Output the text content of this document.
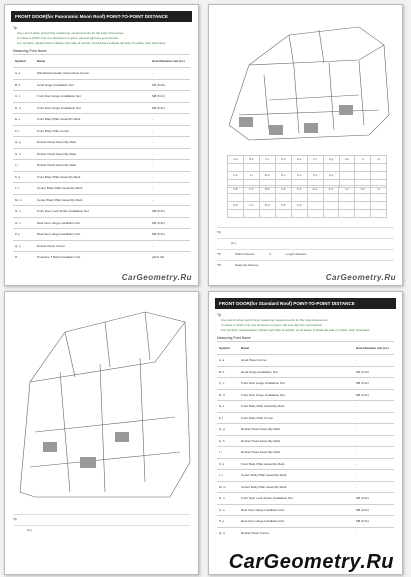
FRONT DOOR(for Panoramic Moon Roof) POINT-TO-POINT DISTANCE
Tip
Use point A when performing measuring measurements for the body dimensions.
In cases in which only one dimension is given, left and right are symmetrical.
For symbols, capital letters indicate right side of vehicle, small letters indicate left side of vehicle (rear hole/view).
Measuring Point Name
Symbol	Name	Hole Diameter mm (in.)
A, a	Windshield Header Outer Panel Corner	-
B, b	Hood Hinge Installation Nut	M6 (0.24)
C, c	Front Door Hinge Installation Nut	M8 (0.31)
D, d	Front Door Hinge Installation Nut	M8 (0.31)
E, e	Front Body Pillar Assembly Mark	-
F, f	Front Body Pillar Corner	-
G, g	Rocker Panel Assembly Mark	-
H, h	Rocker Panel Assembly Mark	-
I, i	Rocker Panel Assembly Mark	-
K, k	Front Body Pillar Assembly Mark	-
L, l	Center Body Pillar Assembly Mark	-
M, m	Center Body Pillar Assembly Mark	-
N, n	Front Door Lock Striker Installation Nut	M8 (0.31)
O, o	Rear Door Hinge Installation Nut	M8 (0.31)
P, p	Rear Door Hinge Installation Nut	M8 (0.31)
Q, q	Rocker Panel Corner	-
R	Proactive T Mark Installation Nut	φ8 (0.24)
CarGeometry.Ru
A-a	B-b	C-c	D-d	E-e	F-f	G-g	H-h	I-i	J-j

K-k	L-l	M-m	N-n	O-o	P-p	Q-q			

A-B	A-C	B-D	C-E	D-F	E-G	F-H	G-I	H-K	I-L

K-M	L-N	M-O	N-P	O-Q					

Tip
(in.)
*W	Width distance	*L	Length distance
*W	Diagonal distance
CarGeometry.Ru
Tip
(in.)
FRONT DOOR(for Standard Roof) POINT-TO-POINT DISTANCE
Tip
Use point A when performing measuring measurements for the body dimensions.
In cases in which only one dimension is given, left and right are symmetrical.
For symbols, capital letters indicate right side of vehicle, small letters indicate left side of vehicle (rear hole/view).
Measuring Point Name
Symbol	Name	Hole Diameter mm (in.)
A, a	Hood Panel Corner	-
B, b	Hood Hinge Installation Nut	M6 (0.24)
C, c	Front Door Hinge Installation Nut	M8 (0.31)
D, d	Front Door Hinge Installation Nut	M8 (0.31)
E, e	Front Body Pillar Assembly Mark	-
F, f	Front Body Pillar Corner	-
G, g	Rocker Panel Assembly Mark	-
H, h	Rocker Panel Assembly Mark	-
I, i	Rocker Panel Assembly Mark	-
K, k	Front Body Pillar Assembly Mark	-
L, l	Center Body Pillar Assembly Mark	-
M, m	Center Body Pillar Assembly Mark	-
N, n	Front Door Lock Striker Installation Nut	M8 (0.31)
O, o	Rear Door Hinge Installation Nut	M8 (0.31)
P, p	Rear Door Hinge Installation Nut	M8 (0.31)
Q, q	Rocker Panel Corner	-
CarGeometry.Ru
